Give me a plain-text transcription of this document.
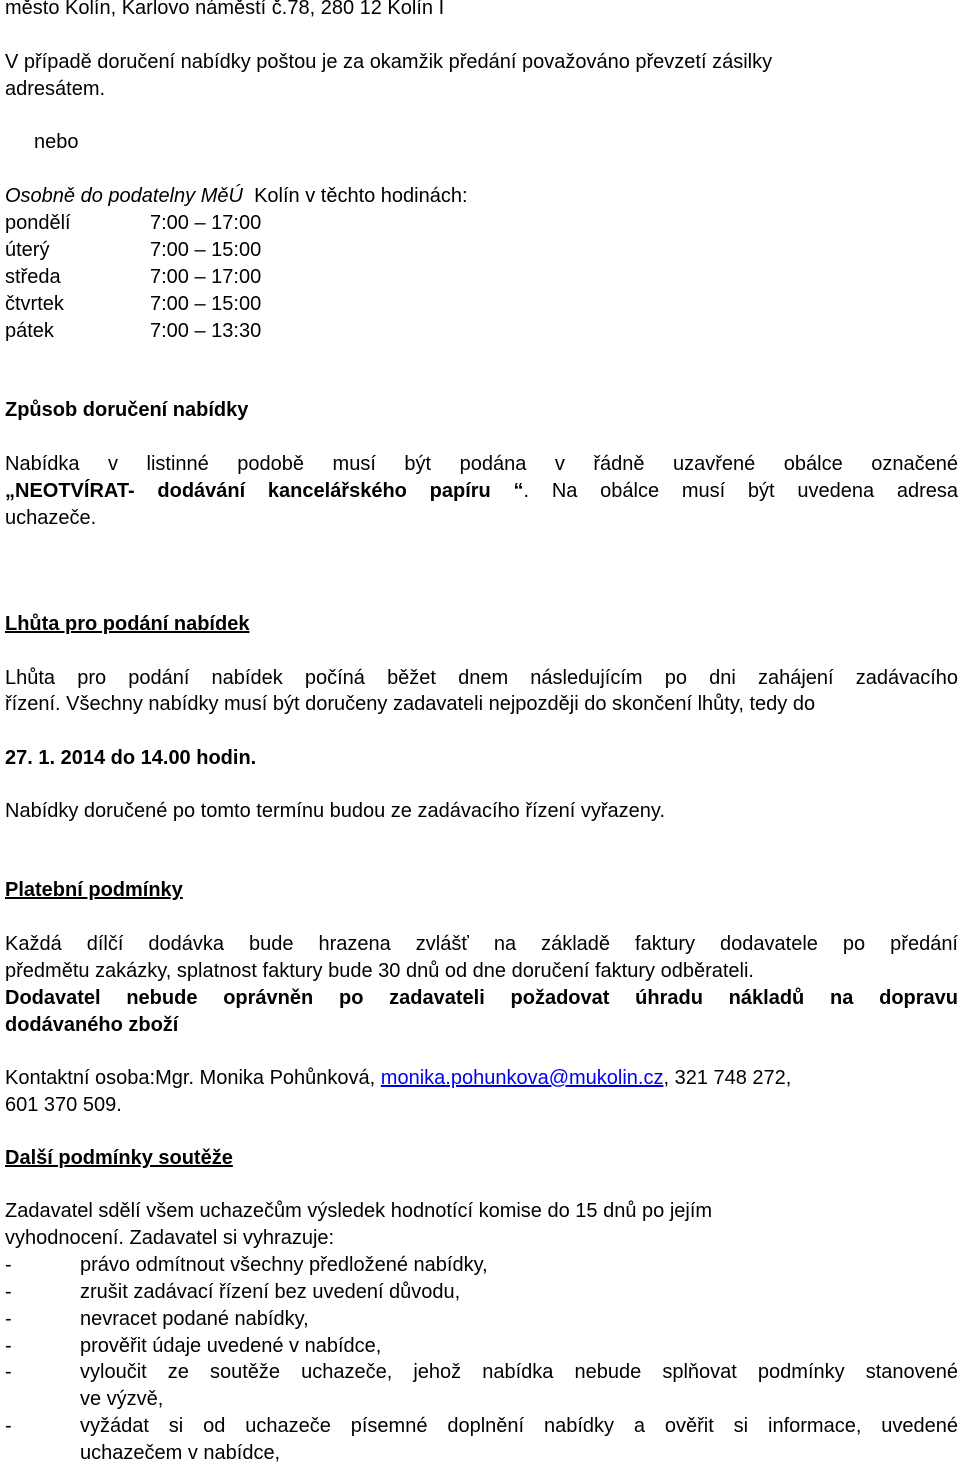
město Kolín, Karlovo náměstí č.78, 280 12 Kolín I
V případě doručení nabídky poštou je za okamžik předání považováno převzetí zásilky
adresátem.
nebo
Osobně do podatelny MěÚ Kolín v těchto hodinách:
pondělí	7:00 – 17:00
úterý	7:00 – 15:00
středa	7:00 – 17:00
čtvrtek	7:00 – 15:00
pátek	7:00 – 13:30
Způsob doručení nabídky
Nabídka v listinné podobě musí být podána v řádně uzavřené obálce označené
„NEOTVÍRAT- dodávání kancelářského papíru “. Na obálce musí být uvedena adresa
uchazeče.
Lhůta pro podání nabídek
Lhůta pro podání nabídek počíná běžet dnem následujícím po dni zahájení zadávacího
řízení. Všechny nabídky musí být doručeny zadavateli nejpozději do skončení lhůty, tedy do
27. 1. 2014 do 14.00 hodin.
Nabídky doručené po tomto termínu budou ze zadávacího řízení vyřazeny.
Platební podmínky
Každá dílčí dodávka bude hrazena zvlášť na základě faktury dodavatele po předání
předmětu zakázky, splatnost faktury bude 30 dnů od dne doručení faktury odběrateli.
Dodavatel nebude oprávněn po zadavateli požadovat úhradu nákladů na dopravu
dodávaného zboží
Kontaktní osoba:Mgr. Monika Pohůnková, monika.pohunkova@mukolin.cz, 321 748 272,
601 370 509.
Další podmínky soutěže
Zadavatel sdělí všem uchazečům výsledek hodnotící komise do 15 dnů po jejím
vyhodnocení. Zadavatel si vyhrazuje:
-	právo odmítnout všechny předložené nabídky,
-	zrušit zadávací řízení bez uvedení důvodu,
-	nevracet podané nabídky,
-	prověřit údaje uvedené v nabídce,
-	vyloučit ze soutěže uchazeče, jehož nabídka nebude splňovat podmínky stanovené
ve výzvě,
-	vyžádat si od uchazeče písemné doplnění nabídky a ověřit si informace, uvedené
uchazečem v nabídce,
